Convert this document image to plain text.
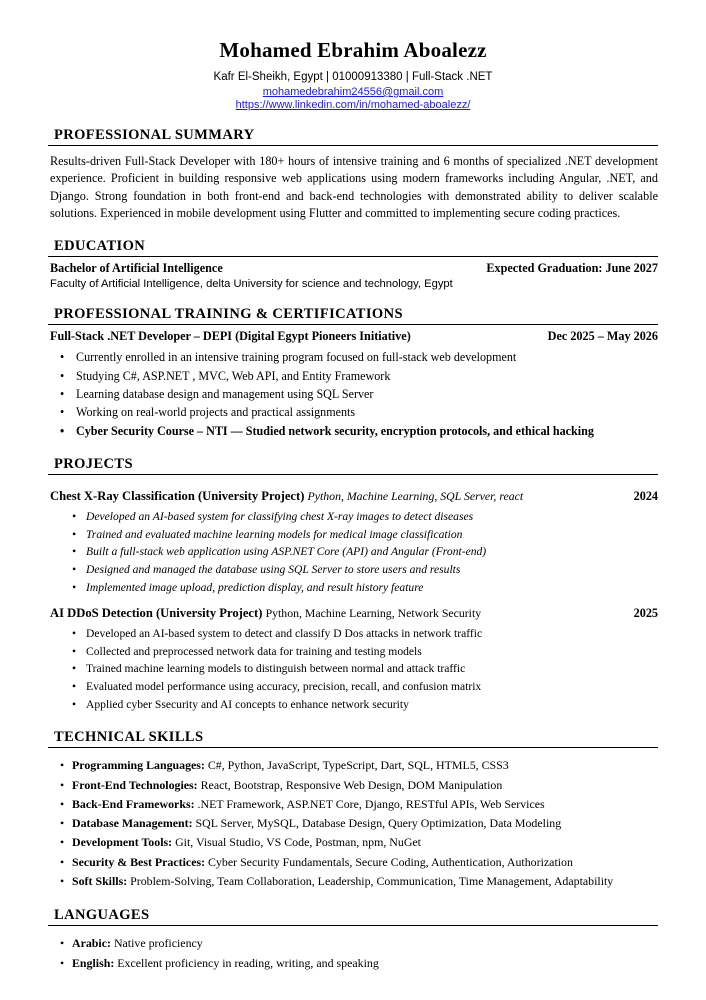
Mohamed Ebrahim Aboalezz
Kafr El-Sheikh, Egypt | 01000913380 | Full-Stack .NET
mohamedebrahim24556@gmail.com
https://www.linkedin.com/in/mohamed-aboalezz/
PROFESSIONAL SUMMARY
Results-driven Full-Stack Developer with 180+ hours of intensive training and 6 months of specialized .NET development experience. Proficient in building responsive web applications using modern frameworks including Angular, .NET, and Django. Strong foundation in both front-end and back-end technologies with demonstrated ability to deliver scalable solutions. Experienced in mobile development using Flutter and committed to implementing secure coding practices.
EDUCATION
Bachelor of Artificial Intelligence	Expected Graduation: June 2027
Faculty of Artificial Intelligence, delta University for science and technology, Egypt
PROFESSIONAL TRAINING & CERTIFICATIONS
Full-Stack .NET Developer – DEPI (Digital Egypt Pioneers Initiative)	Dec 2025 – May 2026
• Currently enrolled in an intensive training program focused on full-stack web development
• Studying C#, ASP.NET , MVC, Web API, and Entity Framework
• Learning database design and management using SQL Server
• Working on real-world projects and practical assignments
• Cyber Security Course – NTI — Studied network security, encryption protocols, and ethical hacking
PROJECTS
Chest X-Ray Classification (University Project) Python, Machine Learning, SQL Server, react	2024
• Developed an AI-based system for classifying chest X-ray images to detect diseases
• Trained and evaluated machine learning models for medical image classification
• Built a full-stack web application using ASP.NET Core (API) and Angular (Front-end)
• Designed and managed the database using SQL Server to store users and results
• Implemented image upload, prediction display, and result history feature
AI DDoS Detection (University Project) Python, Machine Learning, Network Security	2025
• Developed an AI-based system to detect and classify D Dos attacks in network traffic
• Collected and preprocessed network data for training and testing models
• Trained machine learning models to distinguish between normal and attack traffic
• Evaluated model performance using accuracy, precision, recall, and confusion matrix
• Applied cyber Ssecurity and AI concepts to enhance network security
TECHNICAL SKILLS
• Programming Languages: C#, Python, JavaScript, TypeScript, Dart, SQL, HTML5, CSS3
• Front-End Technologies: React, Bootstrap, Responsive Web Design, DOM Manipulation
• Back-End Frameworks: .NET Framework, ASP.NET Core, Django, RESTful APIs, Web Services
• Database Management: SQL Server, MySQL, Database Design, Query Optimization, Data Modeling
• Development Tools: Git, Visual Studio, VS Code, Postman, npm, NuGet
• Security & Best Practices: Cyber Security Fundamentals, Secure Coding, Authentication, Authorization
• Soft Skills: Problem-Solving, Team Collaboration, Leadership, Communication, Time Management, Adaptability
LANGUAGES
• Arabic: Native proficiency
• English: Excellent proficiency in reading, writing, and speaking
